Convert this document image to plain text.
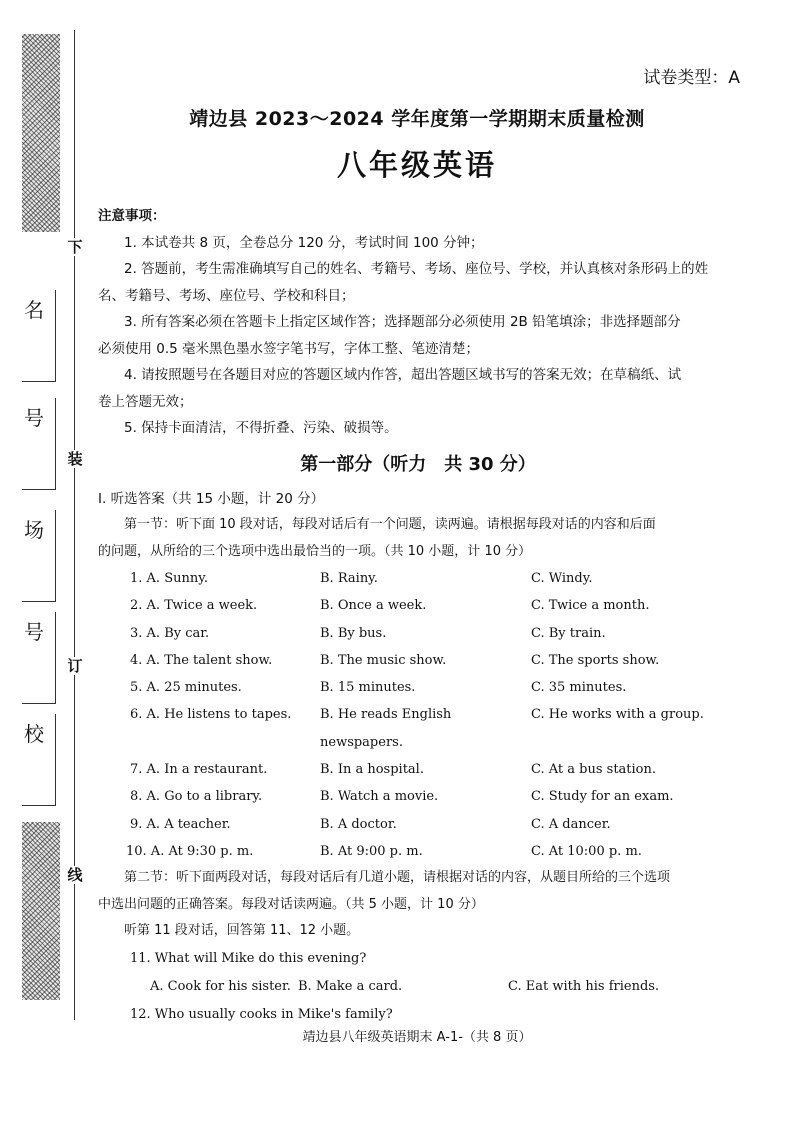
下
装
订
线
名
号
场
号
校
试卷类型：A
靖边县 2023～2024 学年度第一学期期末质量检测
八年级英语
注意事项：
1. 本试卷共 8 页，全卷总分 120 分，考试时间 100 分钟；
2. 答题前，考生需准确填写自己的姓名、考籍号、考场、座位号、学校，并认真核对条形码上的姓
名、考籍号、考场、座位号、学校和科目；
3. 所有答案必须在答题卡上指定区域作答；选择题部分必须使用 2B 铅笔填涂；非选择题部分
必须使用 0.5 毫米黑色墨水签字笔书写，字体工整、笔迹清楚；
4. 请按照题号在各题目对应的答题区域内作答，超出答题区域书写的答案无效；在草稿纸、试
卷上答题无效；
5. 保持卡面清洁，不得折叠、污染、破损等。
第一部分（听力　共 30 分）
Ⅰ. 听选答案（共 15 小题，计 20 分）
第一节：听下面 10 段对话，每段对话后有一个问题，读两遍。请根据每段对话的内容和后面
的问题，从所给的三个选项中选出最恰当的一项。（共 10 小题，计 10 分）
1. A. Sunny.	B. Rainy.	C. Windy.
2. A. Twice a week.	B. Once a week.	C. Twice a month.
3. A. By car.	B. By bus.	C. By train.
4. A. The talent show.	B. The music show.	C. The sports show.
5. A. 25 minutes.	B. 15 minutes.	C. 35 minutes.
6. A. He listens to tapes.	B. He reads English newspapers.
C. He works with a group.
7. A. In a restaurant.	B. In a hospital.	C. At a bus station.
8. A. Go to a library.	B. Watch a movie.	C. Study for an exam.
9. A. A teacher.	B. A doctor.	C. A dancer.
10. A. At 9:30 p. m.	B. At 9:00 p. m.	C. At 10:00 p. m.
第二节：听下面两段对话，每段对话后有几道小题，请根据对话的内容，从题目所给的三个选项
中选出问题的正确答案。每段对话读两遍。（共 5 小题，计 10 分）
听第 11 段对话，回答第 11、12 小题。
11. What will Mike do this evening?
A. Cook for his sister. B. Make a card.	C. Eat with his friends.
12. Who usually cooks in Mike's family?
靖边县八年级英语期末 A-1-（共 8 页）
